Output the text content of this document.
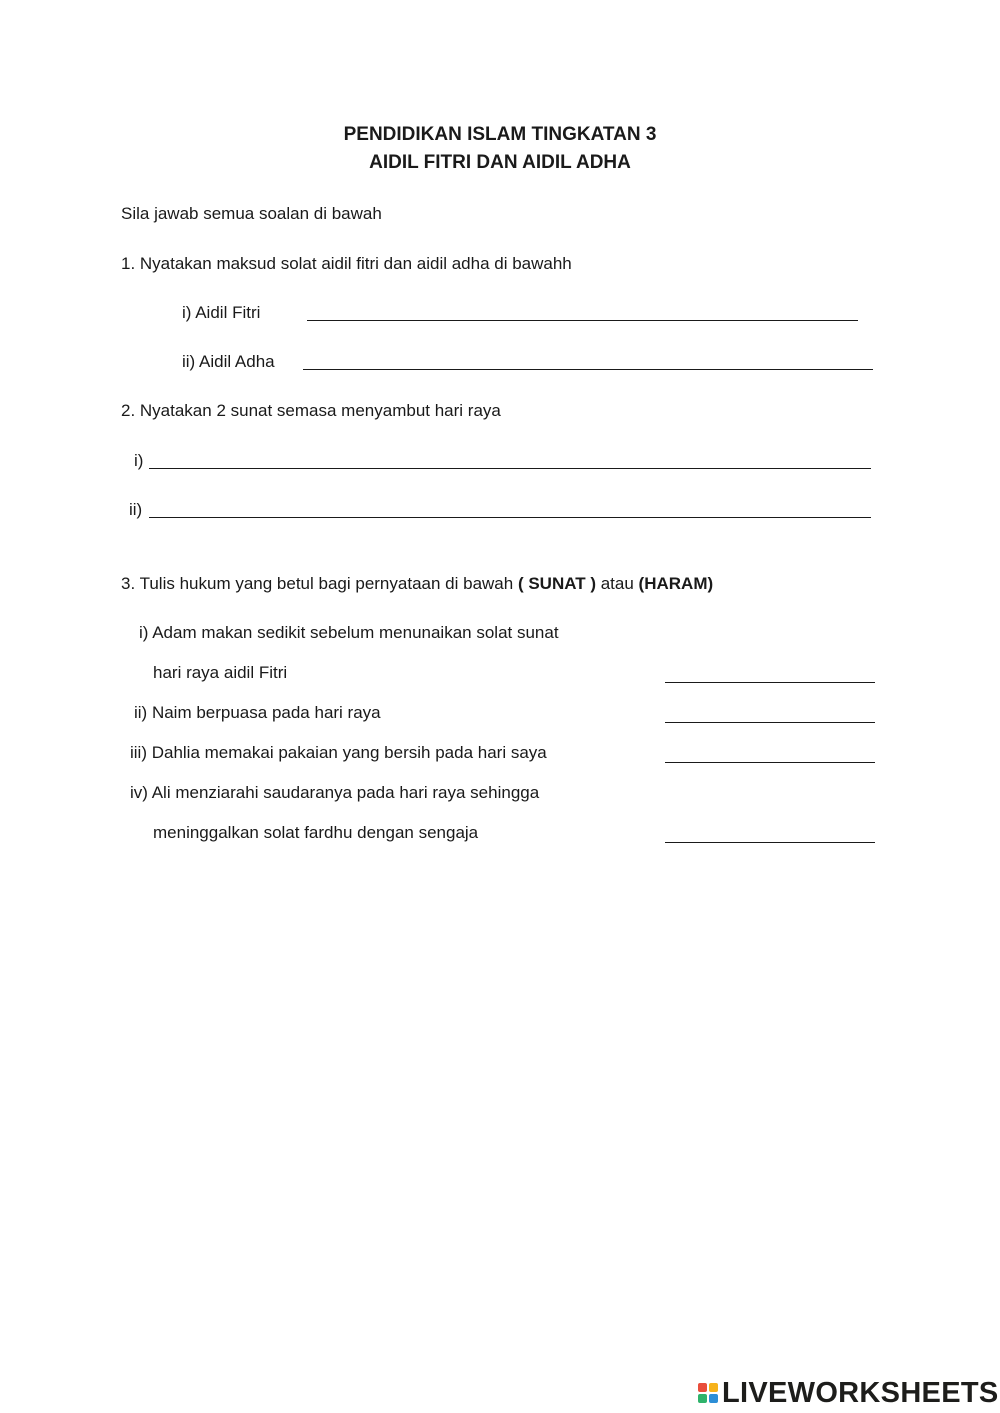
PENDIDIKAN ISLAM TINGKATAN 3
AIDIL FITRI DAN AIDIL ADHA
Sila jawab semua soalan di bawah
1. Nyatakan maksud solat aidil fitri dan aidil adha di bawahh
i) Aidil Fitri
ii) Aidil Adha
2. Nyatakan 2 sunat semasa menyambut hari raya
i)
ii)
3. Tulis hukum yang betul bagi pernyataan di bawah ( SUNAT ) atau (HARAM)
i) Adam makan sedikit sebelum menunaikan solat sunat
hari raya aidil Fitri
ii) Naim berpuasa pada hari raya
iii) Dahlia memakai pakaian yang bersih pada hari saya
iv) Ali menziarahi saudaranya pada hari raya sehingga
meninggalkan solat fardhu dengan sengaja
LIVEWORKSHEETS
